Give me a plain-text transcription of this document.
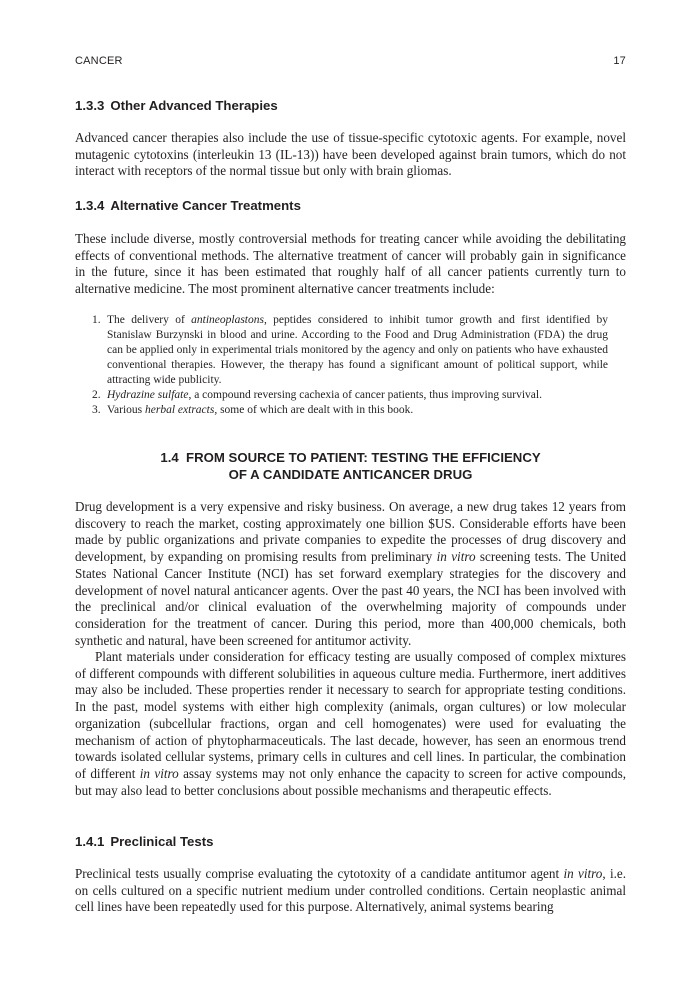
CANCER	17
1.3.3 Other Advanced Therapies

Advanced cancer therapies also include the use of tissue-specific cytotoxic agents. For example, novel mutagenic cytotoxins (interleukin 13 (IL-13)) have been developed against brain tumors, which do not interact with receptors of the normal tissue but only with brain gliomas.

1.3.4 Alternative Cancer Treatments

These include diverse, mostly controversial methods for treating cancer while avoiding the debilitating effects of conventional methods. The alternative treatment of cancer will probably gain in significance in the future, since it has been estimated that roughly half of all cancer patients currently turn to alternative medicine. The most prominent alternative cancer treatments include:

1. The delivery of antineoplastons, peptides considered to inhibit tumor growth and first identified by Stanislaw Burzynski in blood and urine. According to the Food and Drug Administration (FDA) the drug can be applied only in experimental trials monitored by the agency and only on patients who have exhausted conventional therapies. However, the therapy has found a significant amount of political support, while attracting wide publicity.
2. Hydrazine sulfate, a compound reversing cachexia of cancer patients, thus improving survival.
3. Various herbal extracts, some of which are dealt with in this book.
1.4 FROM SOURCE TO PATIENT: TESTING THE EFFICIENCY
OF A CANDIDATE ANTICANCER DRUG

Drug development is a very expensive and risky business. On average, a new drug takes 12 years from discovery to reach the market, costing approximately one billion $US. Considerable efforts have been made by public organizations and private companies to expedite the processes of drug discovery and development, by expanding on promising results from preliminary in vitro screening tests. The United States National Cancer Institute (NCI) has set forward exemplary strategies for the discovery and development of novel natural anticancer agents. Over the past 40 years, the NCI has been involved with the preclinical and/or clinical evaluation of the overwhelming majority of compounds under consideration for the treatment of cancer. During this period, more than 400,000 chemicals, both synthetic and natural, have been screened for antitumor activity.

Plant materials under consideration for efficacy testing are usually composed of complex mixtures of different compounds with different solubilities in aqueous culture media. Furthermore, inert additives may also be included. These properties render it necessary to search for appropriate testing conditions. In the past, model systems with either high complexity (animals, organ cultures) or low molecular organization (subcellular fractions, organ and cell homogenates) were used for evaluating the mechanism of action of phytopharmaceuticals. The last decade, however, has seen an enormous trend towards isolated cellular systems, primary cells in cultures and cell lines. In particular, the combination of different in vitro assay systems may not only enhance the capacity to screen for active compounds, but may also lead to better conclusions about possible mechanisms and therapeutic effects.

1.4.1 Preclinical Tests

Preclinical tests usually comprise evaluating the cytotoxity of a candidate antitumor agent in vitro, i.e. on cells cultured on a specific nutrient medium under controlled conditions. Certain neoplastic animal cell lines have been repeatedly used for this purpose. Alternatively, animal systems bearing
